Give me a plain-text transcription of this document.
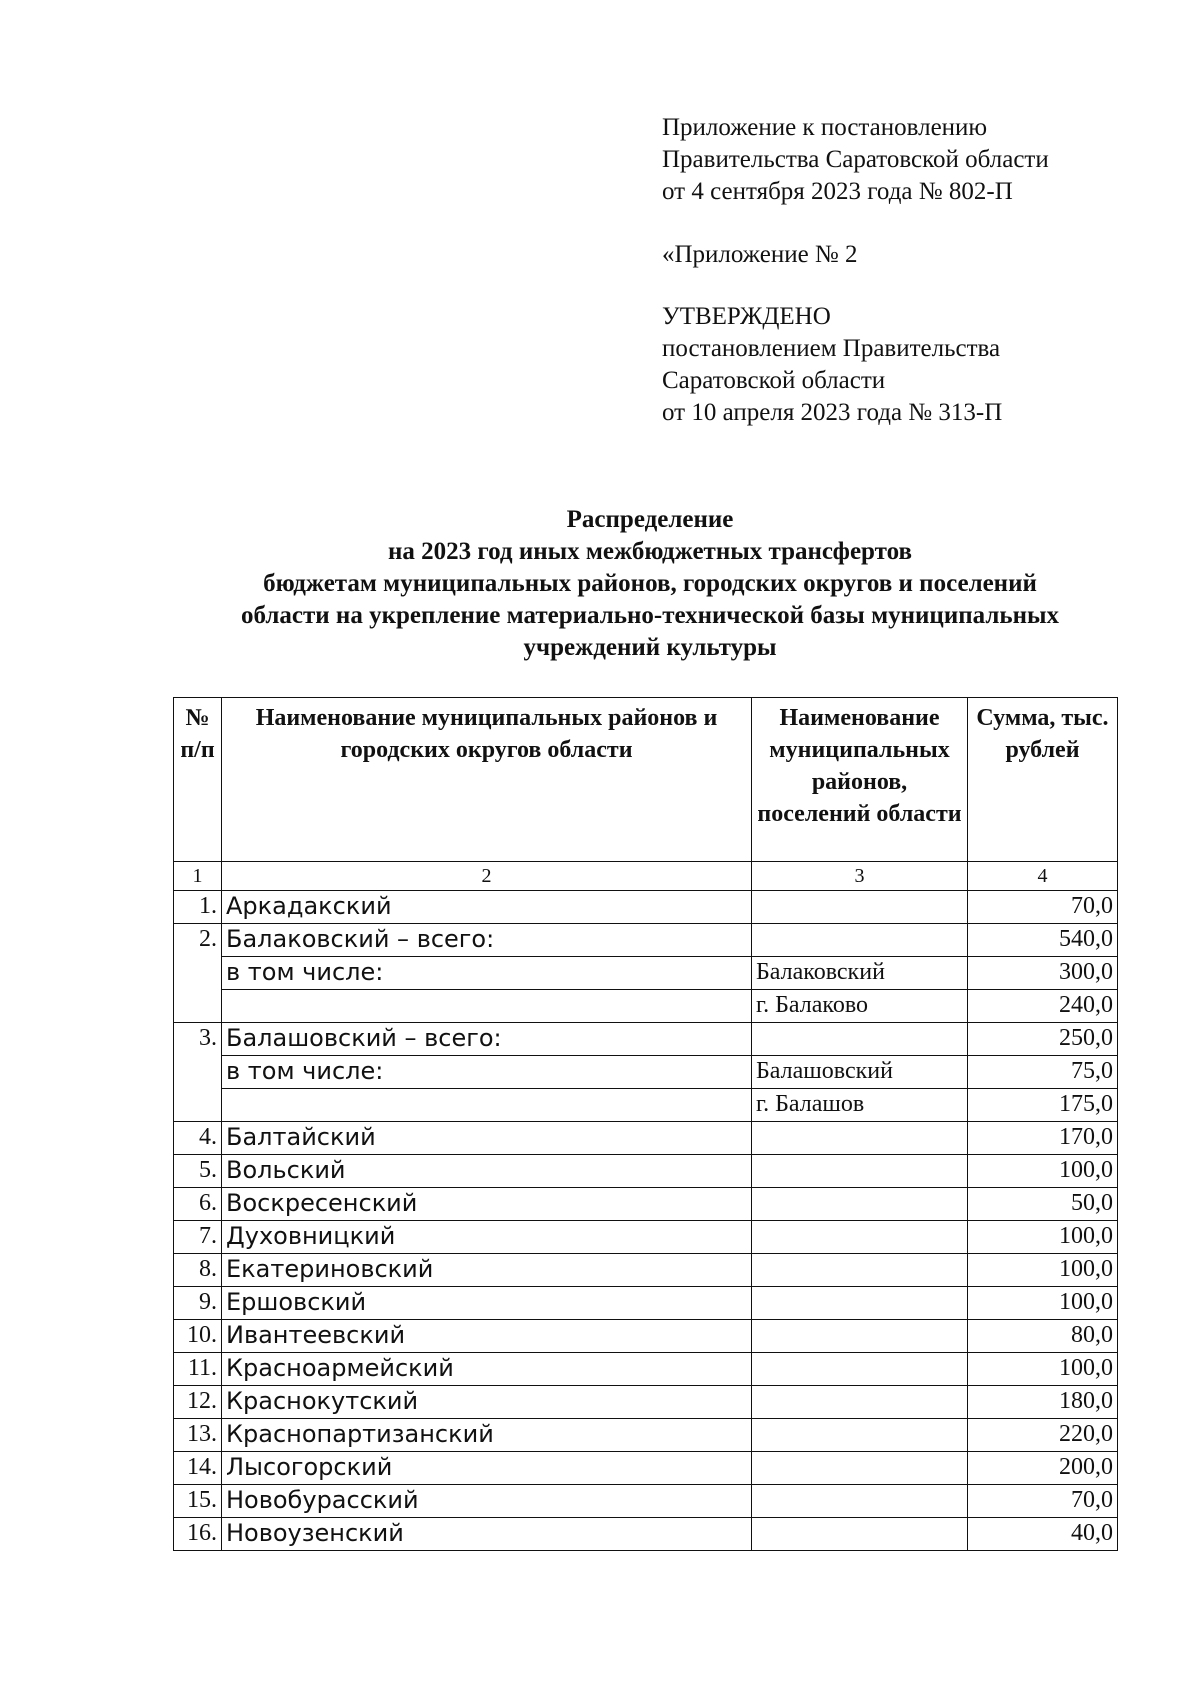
Приложение к постановлению
Правительства Саратовской области
от 4 сентября 2023 года № 802-П
«Приложение № 2
УТВЕРЖДЕНО
постановлением Правительства
Саратовской области
от 10 апреля 2023 года № 313-П
Распределение
на 2023 год иных межбюджетных трансфертов
бюджетам муниципальных районов, городских округов и поселений
области на укрепление материально-технической базы муниципальных
учреждений культуры
№ п/п	Наименование муниципальных районов и городских округов области	Наименование муниципальных районов, поселений области	Сумма, тыс. рублей
1	2	3	4
1.	Аркадакский		70,0
2.	Балаковский – всего:		540,0
	в том числе:	Балаковский	300,0
		г. Балаково	240,0
3.	Балашовский – всего:		250,0
	в том числе:	Балашовский	75,0
		г. Балашов	175,0
4.	Балтайский		170,0
5.	Вольский		100,0
6.	Воскресенский		50,0
7.	Духовницкий		100,0
8.	Екатериновский		100,0
9.	Ершовский		100,0
10.	Ивантеевский		80,0
11.	Красноармейский		100,0
12.	Краснокутский		180,0
13.	Краснопартизанский		220,0
14.	Лысогорский		200,0
15.	Новобурасский		70,0
16.	Новоузенский		40,0
